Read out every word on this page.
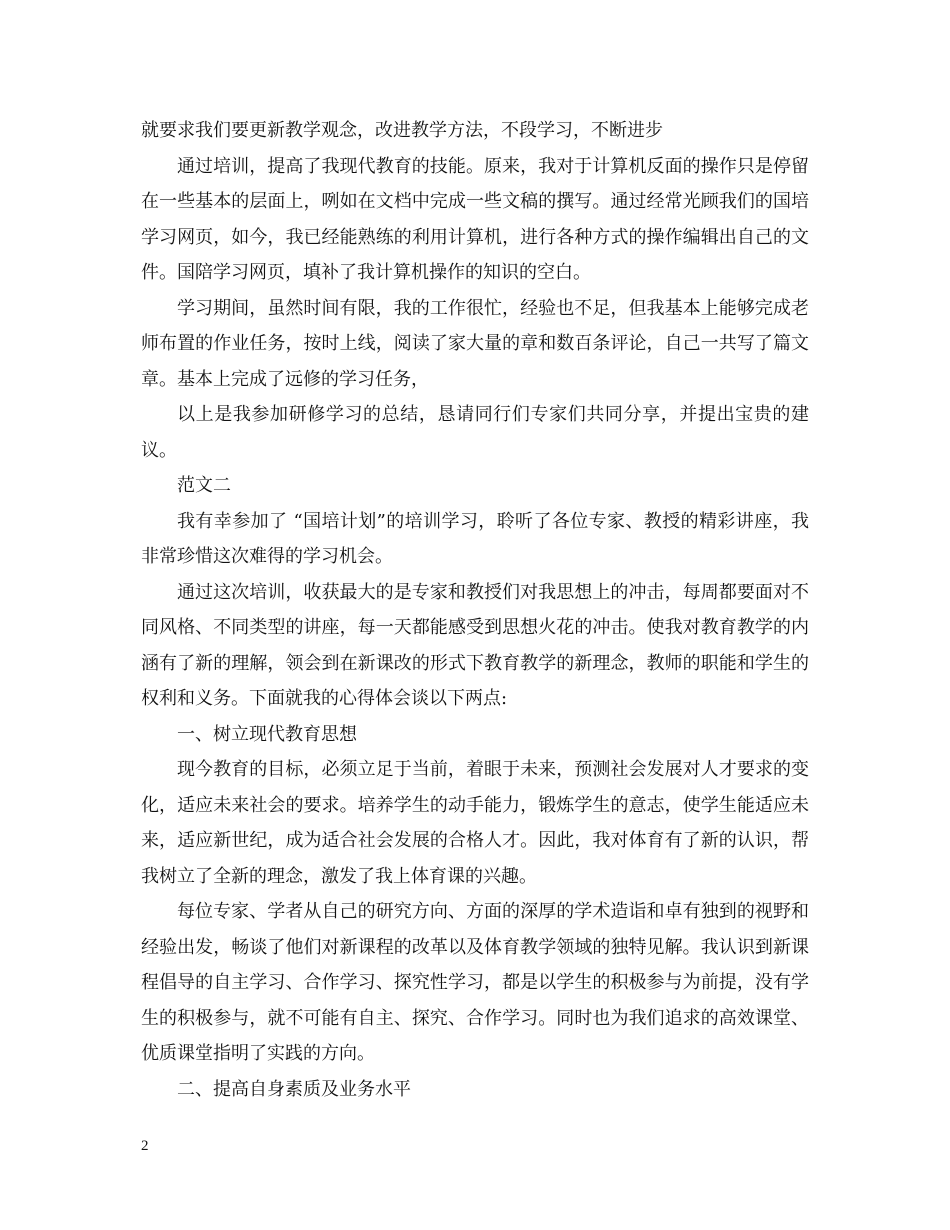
就要求我们要更新教学观念，改进教学方法，不段学习，不断进步

通过培训，提高了我现代教育的技能。原来，我对于计算机反面的操作只是停留在一些基本的层面上，咧如在文档中完成一些文稿的撰写。通过经常光顾我们的国培学习网页，如今，我已经能熟练的利用计算机，进行各种方式的操作编辑出自己的文件。国陪学习网页，填补了我计算机操作的知识的空白。

学习期间，虽然时间有限，我的工作很忙，经验也不足，但我基本上能够完成老师布置的作业任务，按时上线，阅读了家大量的章和数百条评论，自己一共写了篇文章。基本上完成了远修的学习任务，

以上是我参加研修学习的总结，恳请同行们专家们共同分享，并提出宝贵的建议。

范文二

我有幸参加了 “国培计划”的培训学习，聆听了各位专家、教授的精彩讲座，我非常珍惜这次难得的学习机会。

通过这次培训，收获最大的是专家和教授们对我思想上的冲击，每周都要面对不同风格、不同类型的讲座，每一天都能感受到思想火花的冲击。使我对教育教学的内涵有了新的理解，领会到在新课改的形式下教育教学的新理念，教师的职能和学生的权利和义务。下面就我的心得体会谈以下两点:

一、树立现代教育思想

现今教育的目标，必须立足于当前，着眼于未来，预测社会发展对人才要求的变化，适应未来社会的要求。培养学生的动手能力，锻炼学生的意志，使学生能适应未来，适应新世纪，成为适合社会发展的合格人才。因此，我对体育有了新的认识，帮我树立了全新的理念，激发了我上体育课的兴趣。

每位专家、学者从自己的研究方向、方面的深厚的学术造诣和卓有独到的视野和经验出发，畅谈了他们对新课程的改革以及体育教学领域的独特见解。我认识到新课程倡导的自主学习、合作学习、探究性学习，都是以学生的积极参与为前提，没有学生的积极参与，就不可能有自主、探究、合作学习。同时也为我们追求的高效课堂、优质课堂指明了实践的方向。

二、提高自身素质及业务水平

2
